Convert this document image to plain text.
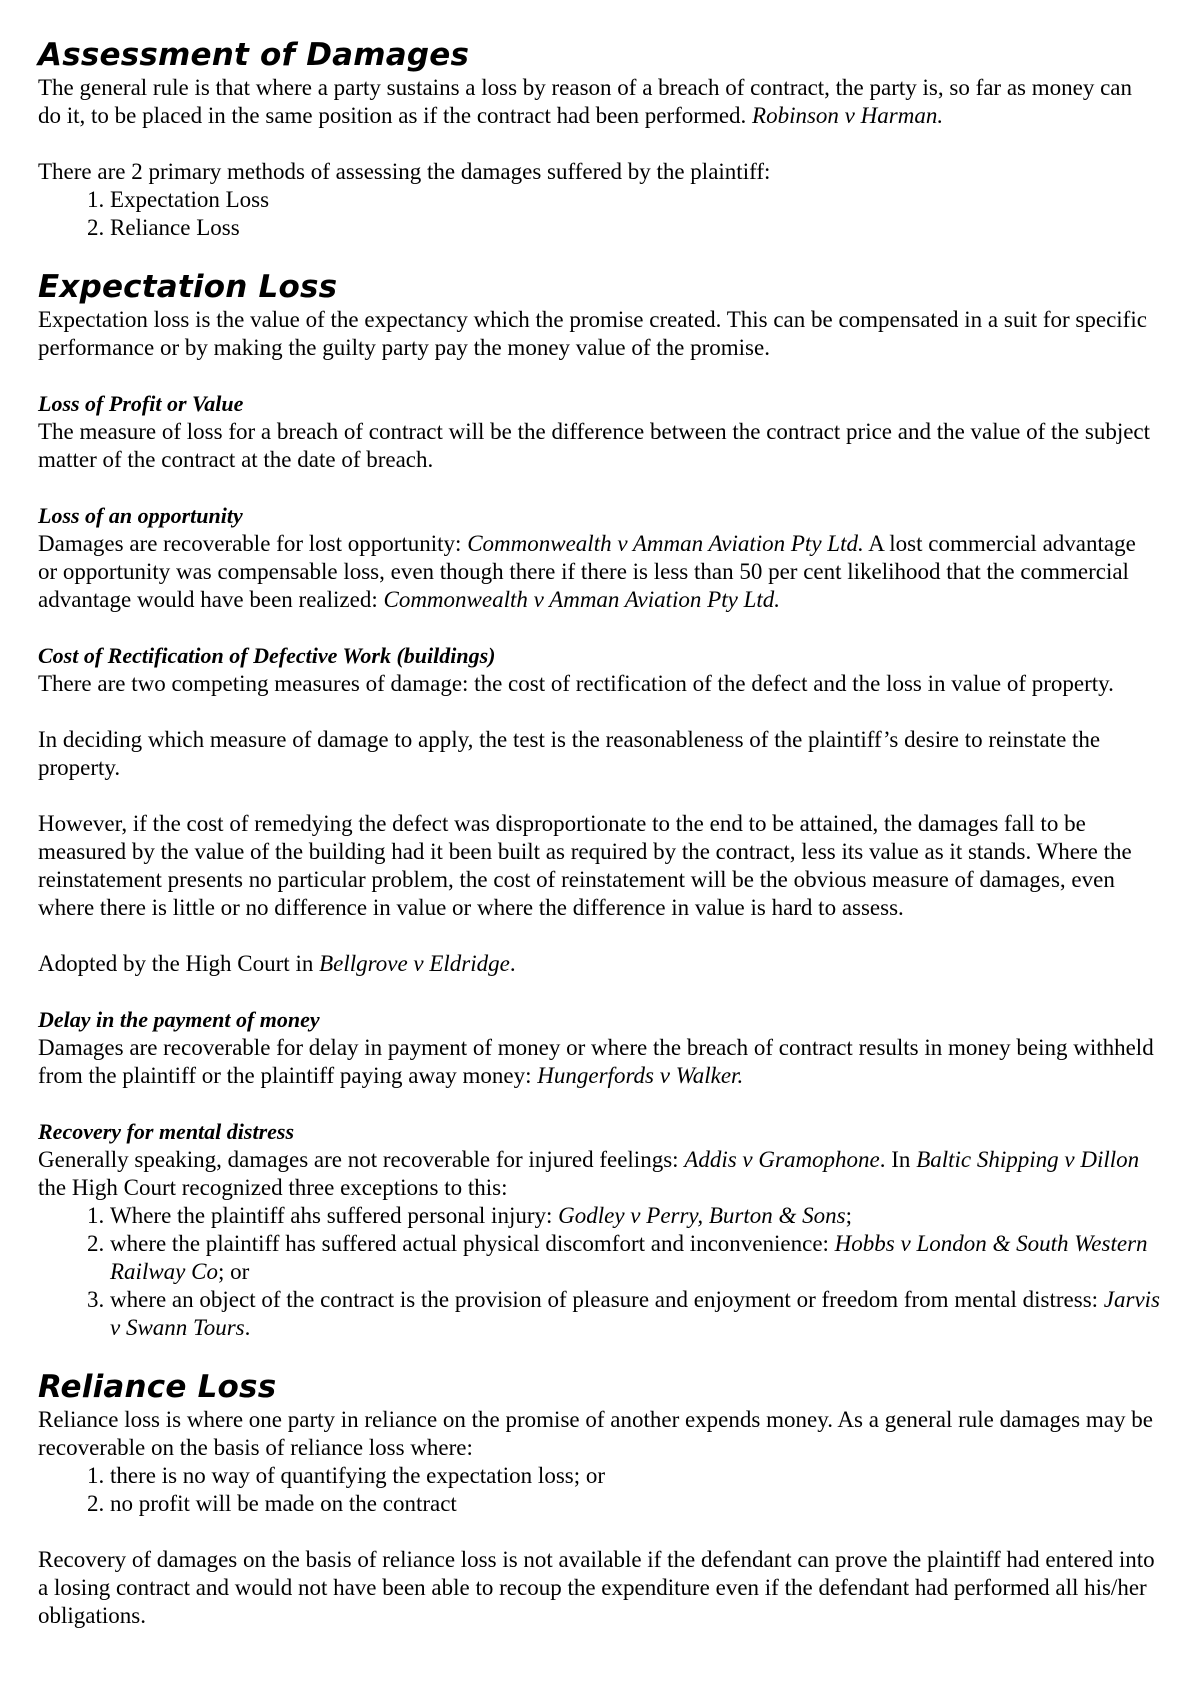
Assessment of Damages

The general rule is that where a party sustains a loss by reason of a breach of contract, the party is, so far as money can do it, to be placed in the same position as if the contract had been performed. Robinson v Harman.

There are 2 primary methods of assessing the damages suffered by the plaintiff:

1. Expectation Loss
2. Reliance Loss
Expectation Loss

Expectation loss is the value of the expectancy which the promise created. This can be compensated in a suit for specific performance or by making the guilty party pay the money value of the promise.

Loss of Profit or Value

The measure of loss for a breach of contract will be the difference between the contract price and the value of the subject matter of the contract at the date of breach.

Loss of an opportunity

Damages are recoverable for lost opportunity: Commonwealth v Amman Aviation Pty Ltd. A lost commercial advantage or opportunity was compensable loss, even though there if there is less than 50 per cent likelihood that the commercial advantage would have been realized: Commonwealth v Amman Aviation Pty Ltd.

Cost of Rectification of Defective Work (buildings)

There are two competing measures of damage: the cost of rectification of the defect and the loss in value of property.

In deciding which measure of damage to apply, the test is the reasonableness of the plaintiff’s desire to reinstate the property.

However, if the cost of remedying the defect was disproportionate to the end to be attained, the damages fall to be measured by the value of the building had it been built as required by the contract, less its value as it stands. Where the reinstatement presents no particular problem, the cost of reinstatement will be the obvious measure of damages, even where there is little or no difference in value or where the difference in value is hard to assess.

Adopted by the High Court in Bellgrove v Eldridge.

Delay in the payment of money

Damages are recoverable for delay in payment of money or where the breach of contract results in money being withheld from the plaintiff or the plaintiff paying away money: Hungerfords v Walker.

Recovery for mental distress

Generally speaking, damages are not recoverable for injured feelings: Addis v Gramophone. In Baltic Shipping v Dillon the High Court recognized three exceptions to this:

1. Where the plaintiff ahs suffered personal injury: Godley v Perry, Burton & Sons;
2. where the plaintiff has suffered actual physical discomfort and inconvenience: Hobbs v London & South Western Railway Co; or
3. where an object of the contract is the provision of pleasure and enjoyment or freedom from mental distress: Jarvis v Swann Tours.
Reliance Loss

Reliance loss is where one party in reliance on the promise of another expends money. As a general rule damages may be recoverable on the basis of reliance loss where:

1. there is no way of quantifying the expectation loss; or
2. no profit will be made on the contract

Recovery of damages on the basis of reliance loss is not available if the defendant can prove the plaintiff had entered into a losing contract and would not have been able to recoup the expenditure even if the defendant had performed all his/her obligations.
